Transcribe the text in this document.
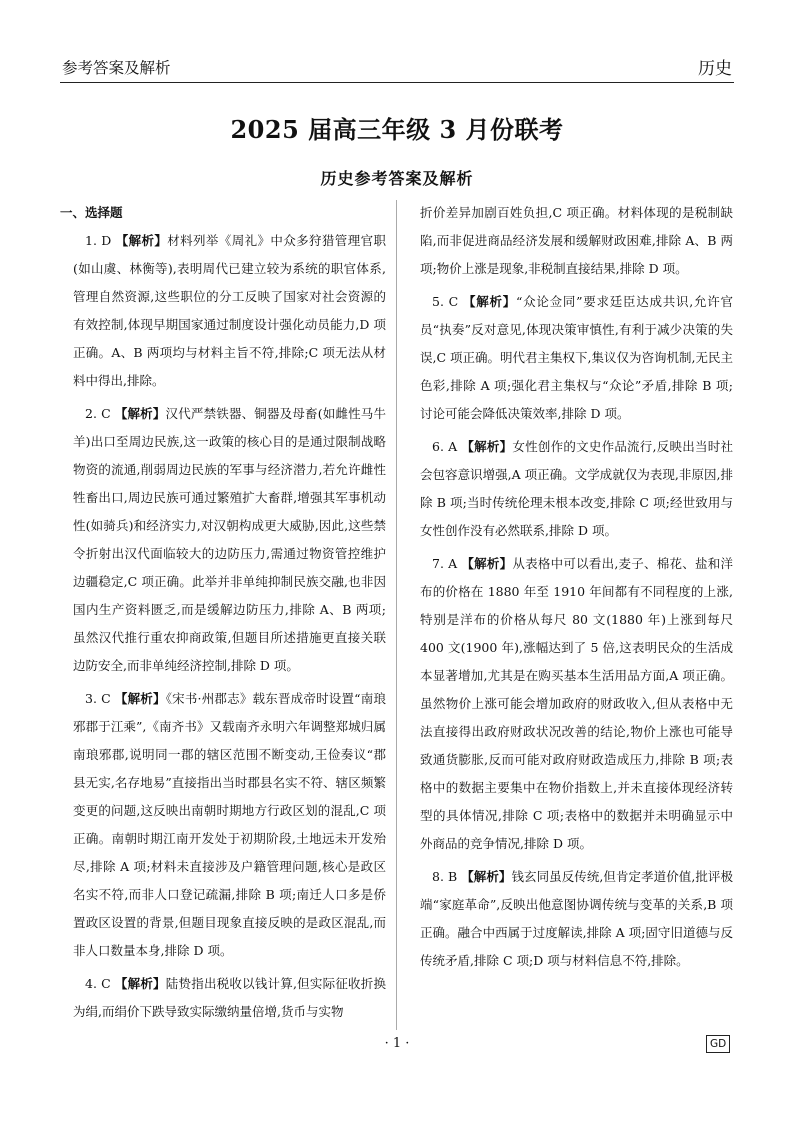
参考答案及解析	历史
2025 届高三年级 3 月份联考
历史参考答案及解析
一、选择题
1. D 【解析】材料列举《周礼》中众多狩猎管理官职(如山虞、林衡等),表明周代已建立较为系统的职官体系,管理自然资源,这些职位的分工反映了国家对社会资源的有效控制,体现早期国家通过制度设计强化动员能力,D 项正确。A、B 两项均与材料主旨不符,排除;C 项无法从材料中得出,排除。
2. C 【解析】汉代严禁铁器、铜器及母畜(如雌性马牛羊)出口至周边民族,这一政策的核心目的是通过限制战略物资的流通,削弱周边民族的军事与经济潜力,若允许雌性牲畜出口,周边民族可通过繁殖扩大畜群,增强其军事机动性(如骑兵)和经济实力,对汉朝构成更大威胁,因此,这些禁令折射出汉代面临较大的边防压力,需通过物资管控维护边疆稳定,C 项正确。此举并非单纯抑制民族交融,也非因国内生产资料匮乏,而是缓解边防压力,排除 A、B 两项;虽然汉代推行重农抑商政策,但题目所述措施更直接关联边防安全,而非单纯经济控制,排除 D 项。
3. C 【解析】《宋书·州郡志》载东晋成帝时设置“南琅邪郡于江乘”,《南齐书》又载南齐永明六年调整郑城归属南琅邪郡,说明同一郡的辖区范围不断变动,王俭奏议“郡县无实,名存地易”直接指出当时郡县名实不符、辖区频繁变更的问题,这反映出南朝时期地方行政区划的混乱,C 项正确。南朝时期江南开发处于初期阶段,土地远未开发殆尽,排除 A 项;材料未直接涉及户籍管理问题,核心是政区名实不符,而非人口登记疏漏,排除 B 项;南迁人口多是侨置政区设置的背景,但题目现象直接反映的是政区混乱,而非人口数量本身,排除 D 项。
4. C 【解析】陆贽指出税收以钱计算,但实际征收折换为绢,而绢价下跌导致实际缴纳量倍增,货币与实物
折价差异加剧百姓负担,C 项正确。材料体现的是税制缺陷,而非促进商品经济发展和缓解财政困难,排除 A、B 两项;物价上涨是现象,非税制直接结果,排除 D 项。
5. C 【解析】“众论佥同”要求廷臣达成共识,允许官员“执奏”反对意见,体现决策审慎性,有利于减少决策的失误,C 项正确。明代君主集权下,集议仅为咨询机制,无民主色彩,排除 A 项;强化君主集权与“众论”矛盾,排除 B 项;讨论可能会降低决策效率,排除 D 项。
6. A 【解析】女性创作的文史作品流行,反映出当时社会包容意识增强,A 项正确。文学成就仅为表现,非原因,排除 B 项;当时传统伦理未根本改变,排除 C 项;经世致用与女性创作没有必然联系,排除 D 项。
7. A 【解析】从表格中可以看出,麦子、棉花、盐和洋布的价格在 1880 年至 1910 年间都有不同程度的上涨,特别是洋布的价格从每尺 80 文(1880 年)上涨到每尺 400 文(1900 年),涨幅达到了 5 倍,这表明民众的生活成本显著增加,尤其是在购买基本生活用品方面,A 项正确。虽然物价上涨可能会增加政府的财政收入,但从表格中无法直接得出政府财政状况改善的结论,物价上涨也可能导致通货膨胀,反而可能对政府财政造成压力,排除 B 项;表格中的数据主要集中在物价指数上,并未直接体现经济转型的具体情况,排除 C 项;表格中的数据并未明确显示中外商品的竞争情况,排除 D 项。
8. B 【解析】钱玄同虽反传统,但肯定孝道价值,批评极端“家庭革命”,反映出他意图协调传统与变革的关系,B 项正确。融合中西属于过度解读,排除 A 项;固守旧道德与反传统矛盾,排除 C 项;D 项与材料信息不符,排除。
· 1 ·	GD
